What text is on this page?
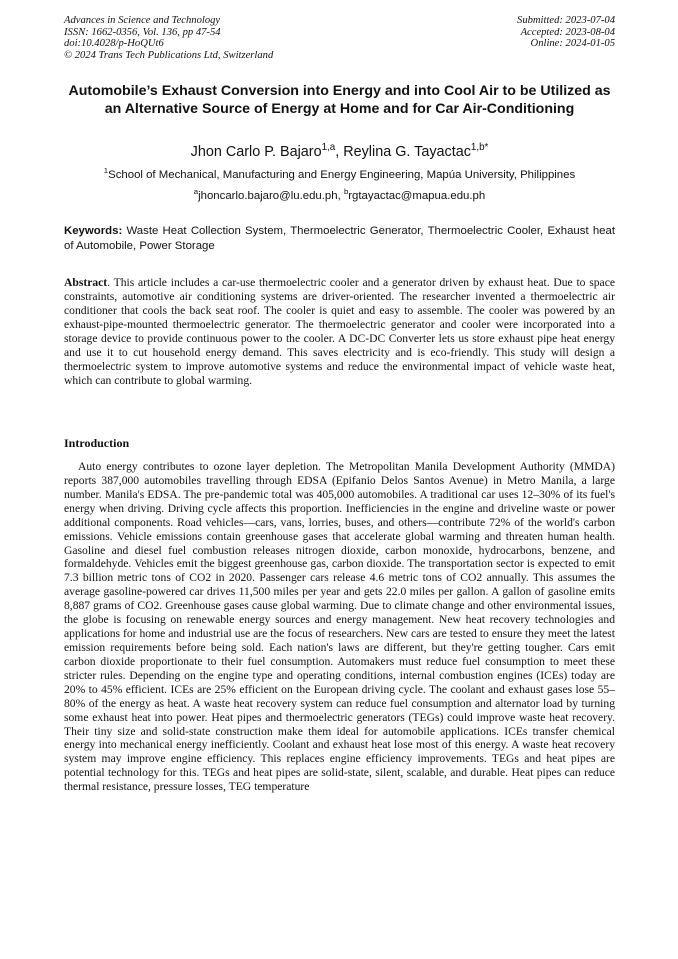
Advances in Science and Technology
ISSN: 1662-0356, Vol. 136, pp 47-54
doi:10.4028/p-HoQUt6
© 2024 Trans Tech Publications Ltd, Switzerland
Submitted: 2023-07-04
Accepted: 2023-08-04
Online: 2024-01-05
Automobile’s Exhaust Conversion into Energy and into Cool Air to be Utilized as an Alternative Source of Energy at Home and for Car Air-Conditioning
Jhon Carlo P. Bajaro$^{1,a}$, Reylina G. Tayactac$^{1,b*}$
$^1$School of Mechanical, Manufacturing and Energy Engineering, Mapúa University, Philippines
$^a$jhoncarlo.bajaro@lu.edu.ph, $^b$rgtayactac@mapua.edu.ph
Keywords: Waste Heat Collection System, Thermoelectric Generator, Thermoelectric Cooler, Exhaust heat of Automobile, Power Storage
Abstract. This article includes a car-use thermoelectric cooler and a generator driven by exhaust heat. Due to space constraints, automotive air conditioning systems are driver-oriented. The researcher invented a thermoelectric air conditioner that cools the back seat roof. The cooler is quiet and easy to assemble. The cooler was powered by an exhaust-pipe-mounted thermoelectric generator. The thermoelectric generator and cooler were incorporated into a storage device to provide continuous power to the cooler. A DC-DC Converter lets us store exhaust pipe heat energy and use it to cut household energy demand. This saves electricity and is eco-friendly. This study will design a thermoelectric system to improve automotive systems and reduce the environmental impact of vehicle waste heat, which can contribute to global warming.
Introduction
Auto energy contributes to ozone layer depletion. The Metropolitan Manila Development Authority (MMDA) reports 387,000 automobiles travelling through EDSA (Epifanio Delos Santos Avenue) in Metro Manila, a large number. Manila's EDSA. The pre-pandemic total was 405,000 automobiles. A traditional car uses 12–30% of its fuel's energy when driving. Driving cycle affects this proportion. Inefficiencies in the engine and driveline waste or power additional components. Road vehicles—cars, vans, lorries, buses, and others—contribute 72% of the world's carbon emissions. Vehicle emissions contain greenhouse gases that accelerate global warming and threaten human health. Gasoline and diesel fuel combustion releases nitrogen dioxide, carbon monoxide, hydrocarbons, benzene, and formaldehyde. Vehicles emit the biggest greenhouse gas, carbon dioxide. The transportation sector is expected to emit 7.3 billion metric tons of CO2 in 2020. Passenger cars release 4.6 metric tons of CO2 annually. This assumes the average gasoline-powered car drives 11,500 miles per year and gets 22.0 miles per gallon. A gallon of gasoline emits 8,887 grams of CO2. Greenhouse gases cause global warming. Due to climate change and other environmental issues, the globe is focusing on renewable energy sources and energy management. New heat recovery technologies and applications for home and industrial use are the focus of researchers. New cars are tested to ensure they meet the latest emission requirements before being sold. Each nation's laws are different, but they're getting tougher. Cars emit carbon dioxide proportionate to their fuel consumption. Automakers must reduce fuel consumption to meet these stricter rules. Depending on the engine type and operating conditions, internal combustion engines (ICEs) today are 20% to 45% efficient. ICEs are 25% efficient on the European driving cycle. The coolant and exhaust gases lose 55–80% of the energy as heat. A waste heat recovery system can reduce fuel consumption and alternator load by turning some exhaust heat into power. Heat pipes and thermoelectric generators (TEGs) could improve waste heat recovery. Their tiny size and solid-state construction make them ideal for automobile applications. ICEs transfer chemical energy into mechanical energy inefficiently. Coolant and exhaust heat lose most of this energy. A waste heat recovery system may improve engine efficiency. This replaces engine efficiency improvements. TEGs and heat pipes are potential technology for this. TEGs and heat pipes are solid-state, silent, scalable, and durable. Heat pipes can reduce thermal resistance, pressure losses, TEG temperature
